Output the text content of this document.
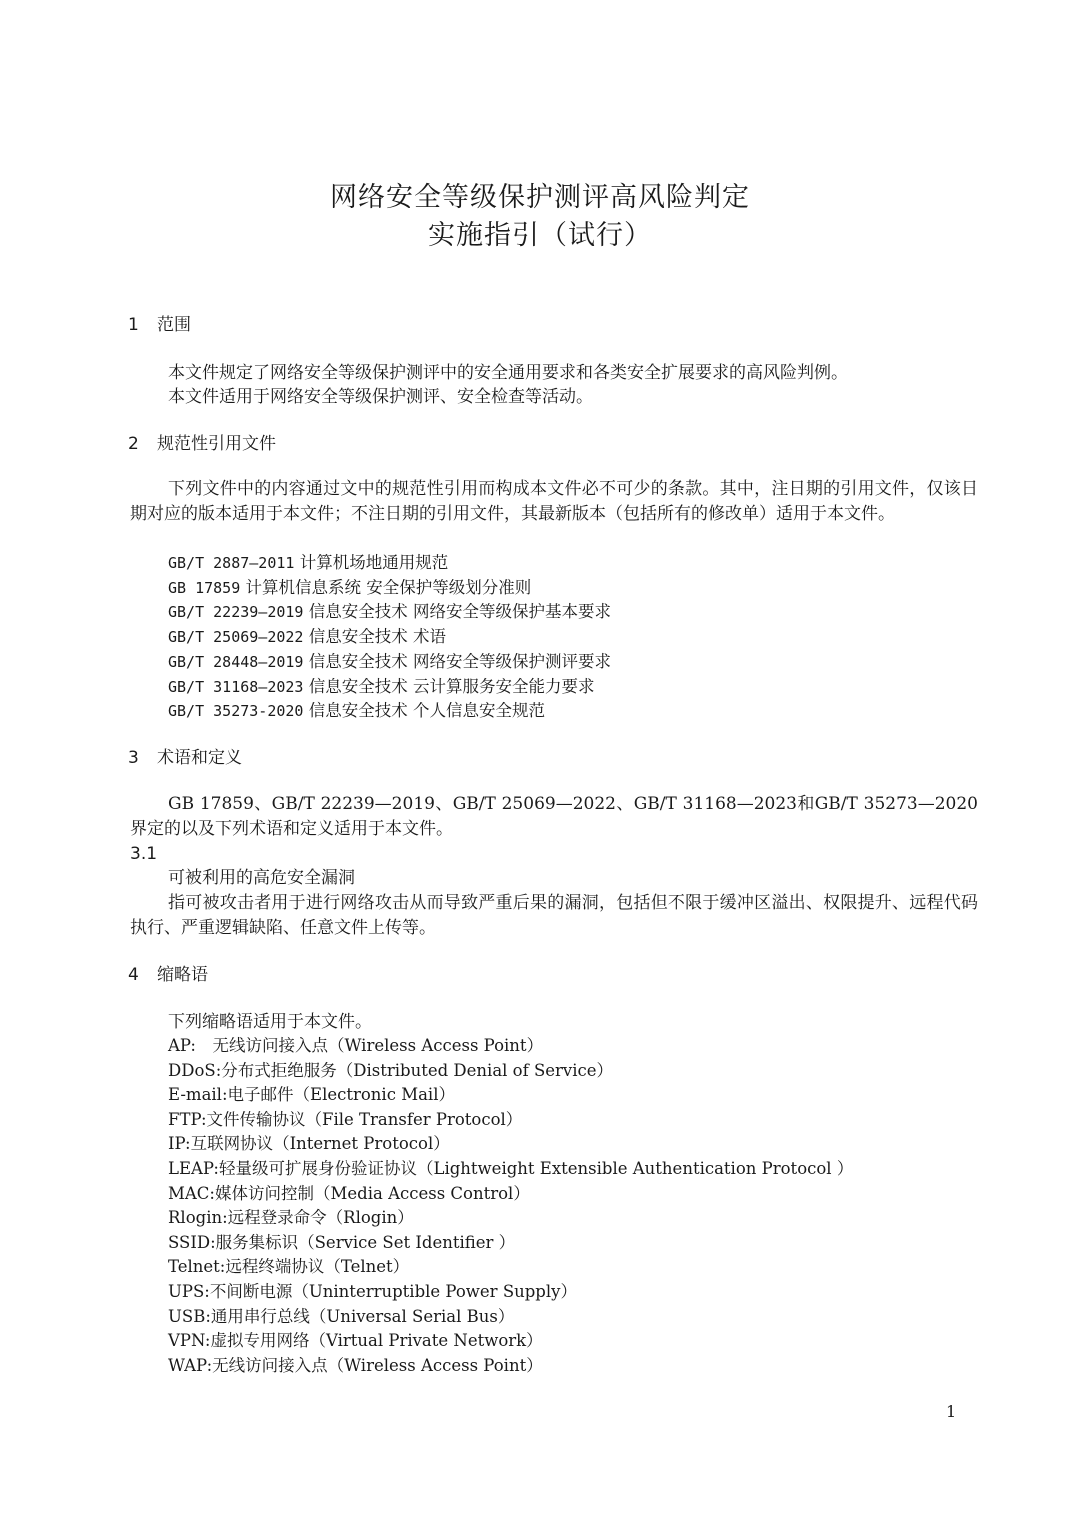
网络安全等级保护测评高风险判定
实施指引（试行）
1 范围
本文件规定了网络安全等级保护测评中的安全通用要求和各类安全扩展要求的高风险判例。
本文件适用于网络安全等级保护测评、安全检查等活动。
2 规范性引用文件
下列文件中的内容通过文中的规范性引用而构成本文件必不可少的条款。其中，注日期的引用文件，仅该日期对应的版本适用于本文件；不注日期的引用文件，其最新版本（包括所有的修改单）适用于本文件。
GB/T 2887—2011 计算机场地通用规范
GB 17859 计算机信息系统 安全保护等级划分准则
GB/T 22239—2019 信息安全技术 网络安全等级保护基本要求
GB/T 25069—2022 信息安全技术 术语
GB/T 28448—2019 信息安全技术 网络安全等级保护测评要求
GB/T 31168—2023 信息安全技术 云计算服务安全能力要求
GB/T 35273-2020 信息安全技术 个人信息安全规范
3 术语和定义
GB 17859、GB/T 22239—2019、GB/T 25069—2022、GB/T 31168—2023和GB/T 35273—2020界定的以及下列术语和定义适用于本文件。
3.1
可被利用的高危安全漏洞
指可被攻击者用于进行网络攻击从而导致严重后果的漏洞，包括但不限于缓冲区溢出、权限提升、远程代码执行、严重逻辑缺陷、任意文件上传等。
4 缩略语
下列缩略语适用于本文件。
AP:　无线访问接入点（Wireless Access Point）
DDoS:分布式拒绝服务（Distributed Denial of Service）
E-mail:电子邮件（Electronic Mail）
FTP:文件传输协议（File Transfer Protocol）
IP:互联网协议（Internet Protocol）
LEAP:轻量级可扩展身份验证协议（Lightweight Extensible Authentication Protocol ）
MAC:媒体访问控制（Media Access Control）
Rlogin:远程登录命令（Rlogin）
SSID:服务集标识（Service Set Identifier ）
Telnet:远程终端协议（Telnet）
UPS:不间断电源（Uninterruptible Power Supply）
USB:通用串行总线（Universal Serial Bus）
VPN:虚拟专用网络（Virtual Private Network）
WAP:无线访问接入点（Wireless Access Point）
1
